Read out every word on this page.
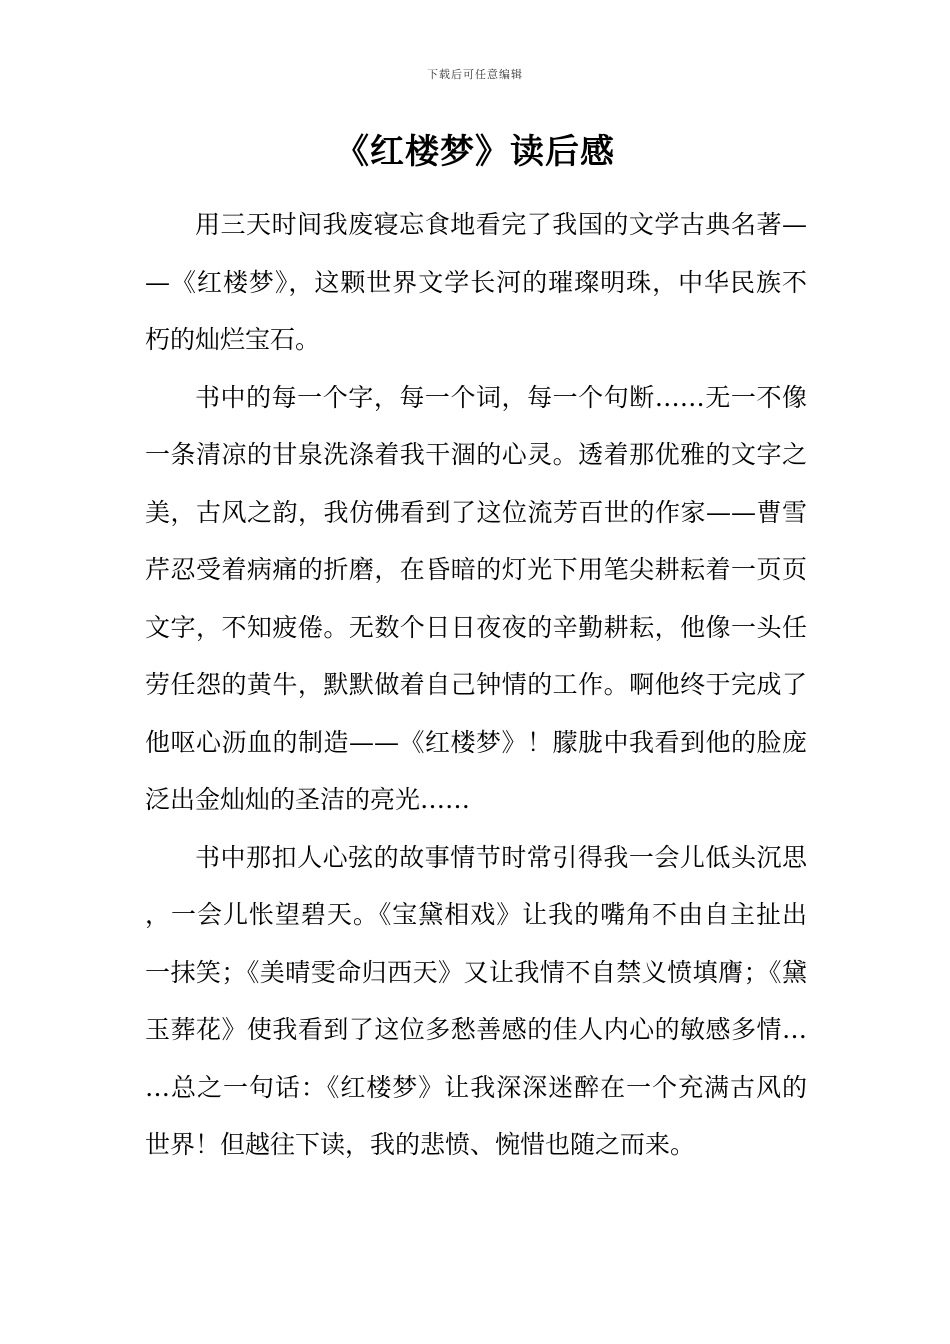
下载后可任意编辑
《红楼梦》读后感

用三天时间我废寝忘食地看完了我国的文学古典名著——《红楼梦》，这颗世界文学长河的璀璨明珠，中华民族不朽的灿烂宝石。

书中的每一个字，每一个词，每一个句断……无一不像一条清凉的甘泉洗涤着我干涸的心灵。透着那优雅的文字之美，古风之韵，我仿佛看到了这位流芳百世的作家——曹雪芹忍受着病痛的折磨，在昏暗的灯光下用笔尖耕耘着一页页文字，不知疲倦。无数个日日夜夜的辛勤耕耘，他像一头任劳任怨的黄牛，默默做着自己钟情的工作。啊他终于完成了他呕心沥血的制造——《红楼梦》！朦胧中我看到他的脸庞泛出金灿灿的圣洁的亮光……

书中那扣人心弦的故事情节时常引得我一会儿低头沉思，一会儿怅望碧天。《宝黛相戏》让我的嘴角不由自主扯出一抹笑；《美晴雯命归西天》又让我情不自禁义愤填膺；《黛玉葬花》使我看到了这位多愁善感的佳人内心的敏感多情……总之一句话：《红楼梦》让我深深迷醉在一个充满古风的世界！但越往下读，我的悲愤、惋惜也随之而来。
